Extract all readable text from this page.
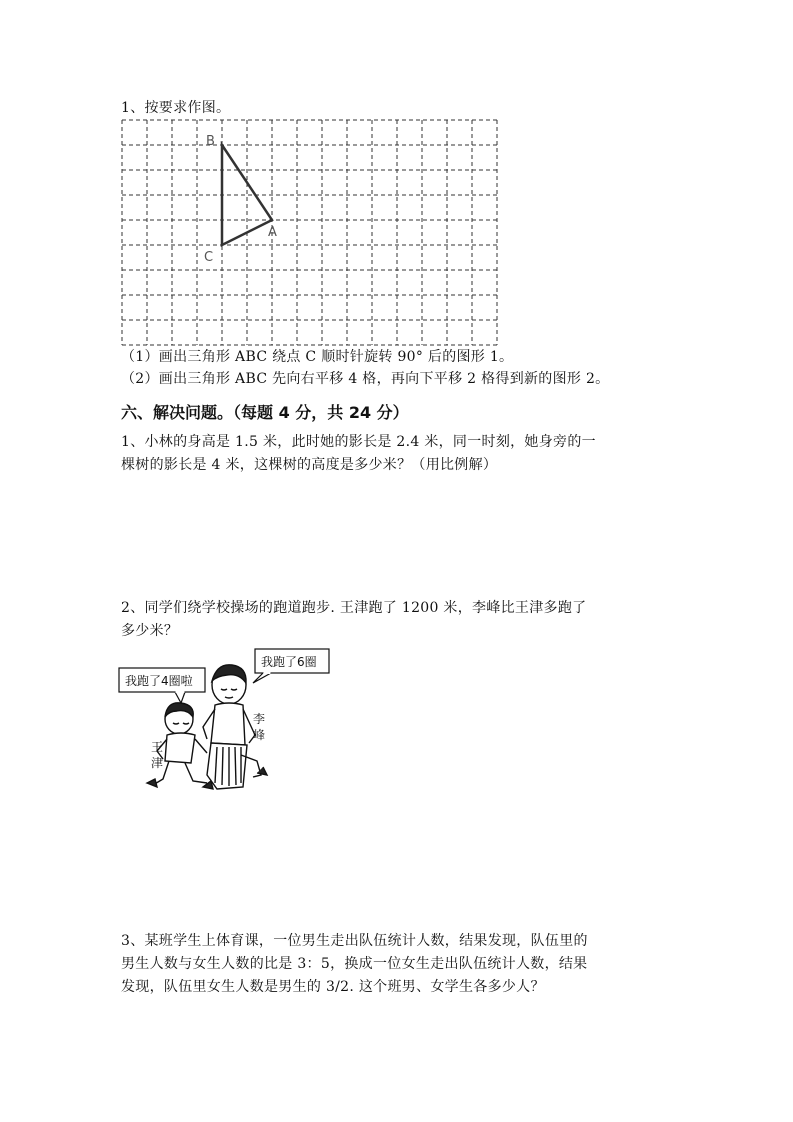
1、按要求作图。
B
A
C
（1）画出三角形 ABC 绕点 C 顺时针旋转 90° 后的图形 1。
（2）画出三角形 ABC 先向右平移 4 格，再向下平移 2 格得到新的图形 2。
六、解决问题。（每题 4 分，共 24 分）
1、小林的身高是 1.5 米，此时她的影长是 2.4 米，同一时刻，她身旁的一
棵树的影长是 4 米，这棵树的高度是多少米？（用比例解）
2、同学们绕学校操场的跑道跑步. 王津跑了 1200 米，李峰比王津多跑了
多少米？
我跑了4圈啦
我跑了6圈
王
津
李
峰
3、某班学生上体育课，一位男生走出队伍统计人数，结果发现，队伍里的
男生人数与女生人数的比是 3：5，换成一位女生走出队伍统计人数，结果
发现，队伍里女生人数是男生的 3/2. 这个班男、女学生各多少人？
